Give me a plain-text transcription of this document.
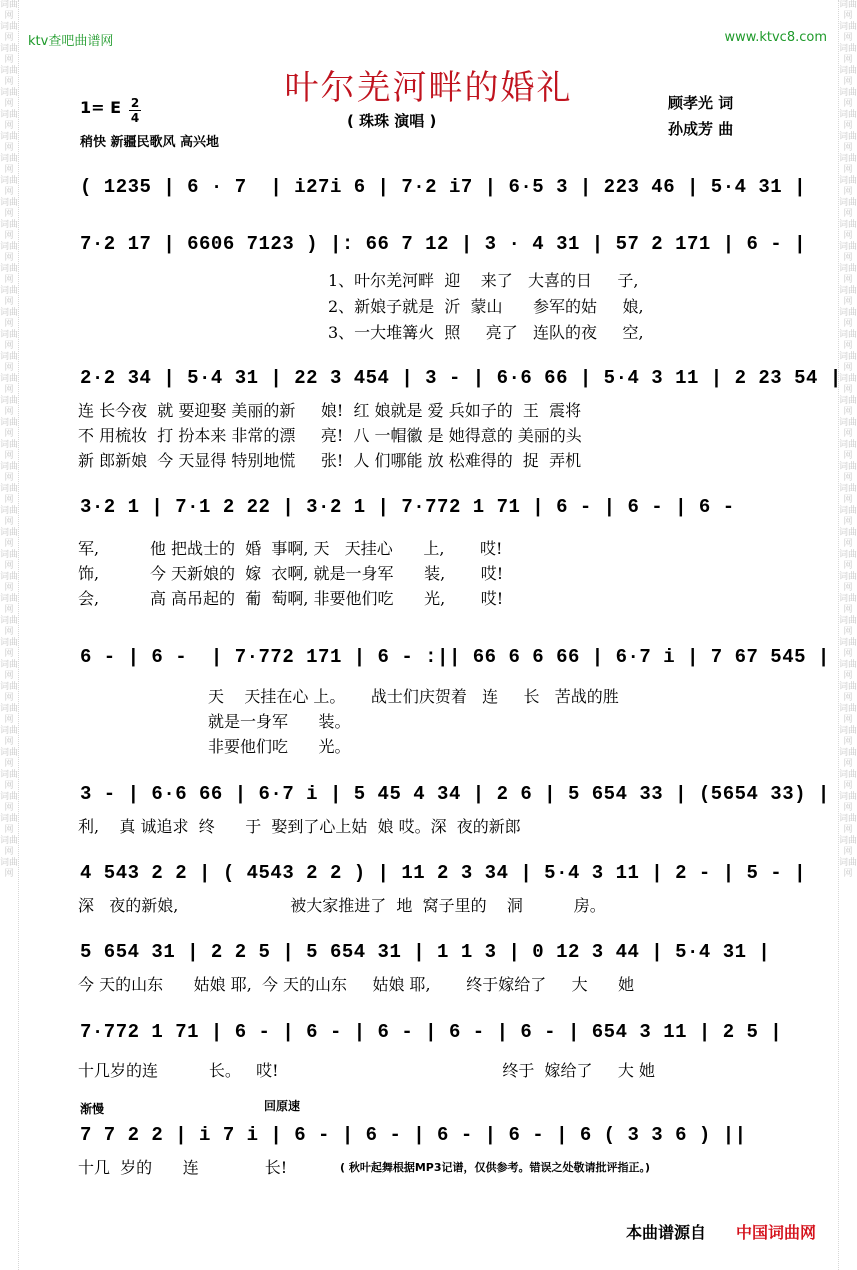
词曲网 词曲网 词曲网 词曲网 词曲网 词曲网 词曲网 词曲网 词曲网 词曲网 词曲网 词曲网 词曲网 词曲网 词曲网 词曲网 词曲网 词曲网 词曲网 词曲网 词曲网 词曲网 词曲网 词曲网 词曲网 词曲网 词曲网 词曲网 词曲网 词曲网 词曲网 词曲网 词曲网 词曲网 词曲网 词曲网 词曲网 词曲网 词曲网 词曲网
词曲网 词曲网 词曲网 词曲网 词曲网 词曲网 词曲网 词曲网 词曲网 词曲网 词曲网 词曲网 词曲网 词曲网 词曲网 词曲网 词曲网 词曲网 词曲网 词曲网 词曲网 词曲网 词曲网 词曲网 词曲网 词曲网 词曲网 词曲网 词曲网 词曲网 词曲网 词曲网 词曲网 词曲网 词曲网 词曲网 词曲网 词曲网 词曲网 词曲网
ktv查吧曲谱网	www.ktvc8.com
叶尔羌河畔的婚礼	顾孝光 词
孙成芳 曲
1= E $\frac{2}{4}$
稍快 新疆民歌风 高兴地
( 珠珠 演唱 )
( 1235 | 6 · 7  | i27i 6 | 7·2 i7 | 6·5 3 | 223 46 | 5·4 31 |
7·2 17 | 6606 7123 ) |: 66 7 12 | 3 · 4 31 | 57 2 171 | 6 - |
1、叶尔羌河畔  迎    来了   大喜的日     子,
2、新娘子就是  沂  蒙山      参军的姑     娘,
3、一大堆篝火  照     亮了   连队的夜     空,
2·2 34 | 5·4 31 | 22 3 454 | 3 - | 6·6 66 | 5·4 3 11 | 2 23 54 |
连 长今夜  就 要迎娶 美丽的新     娘!  红 娘就是 爱 兵如子的  王  震将
不 用梳妆  打 扮本来 非常的漂     亮!  八 一帽徽 是 她得意的 美丽的头
新 郎新娘  今 天显得 特别地慌     张!  人 们哪能 放 松难得的  捉  弄机
3·2 1 | 7·1 2 22 | 3·2 1 | 7·772 1 71 | 6 - | 6 - | 6 -
军,          他 把战士的  婚  事啊, 天   天挂心      上,       哎!
饰,          今 天新娘的  嫁  衣啊, 就是一身军      装,       哎!
会,          高 高吊起的  葡  萄啊, 非要他们吃      光,       哎!
6 - | 6 -  | 7·772 171 | 6 - :|| 66 6 6 66 | 6·7 i | 7 67 545 |
天    天挂在心 上。     战士们庆贺着   连     长   苦战的胜
就是一身军      装。
非要他们吃      光。
3 - | 6·6 66 | 6·7 i | 5 45 4 34 | 2 6 | 5 654 33 | (5654 33) |
利,    真 诚追求  终      于  娶到了心上姑  娘 哎。深  夜的新郎
4 543 2 2 | ( 4543 2 2 ) | 11 2 3 34 | 5·4 3 11 | 2 - | 5 - |
深   夜的新娘,                      被大家推进了  地  窝子里的    洞          房。
5 654 31 | 2 2 5 | 5 654 31 | 1 1 3 | 0 12 3 44 | 5·4 31 |
今 天的山东      姑娘 耶,  今 天的山东     姑娘 耶,       终于嫁给了     大      她
7·772 1 71 | 6 - | 6 - | 6 - | 6 - | 6 - | 654 3 11 | 2 5 |
十几岁的连          长。   哎!                                            终于  嫁给了     大 她
渐慢	回原速
7 7 2 2 | i 7 i | 6 - | 6 - | 6 - | 6 - | 6 ( 3 3 6 ) ||
十几  岁的      连             长!	( 秋叶起舞根据MP3记谱，仅供参考。错误之处敬请批评指正。)
本曲谱源自 中国词曲网
